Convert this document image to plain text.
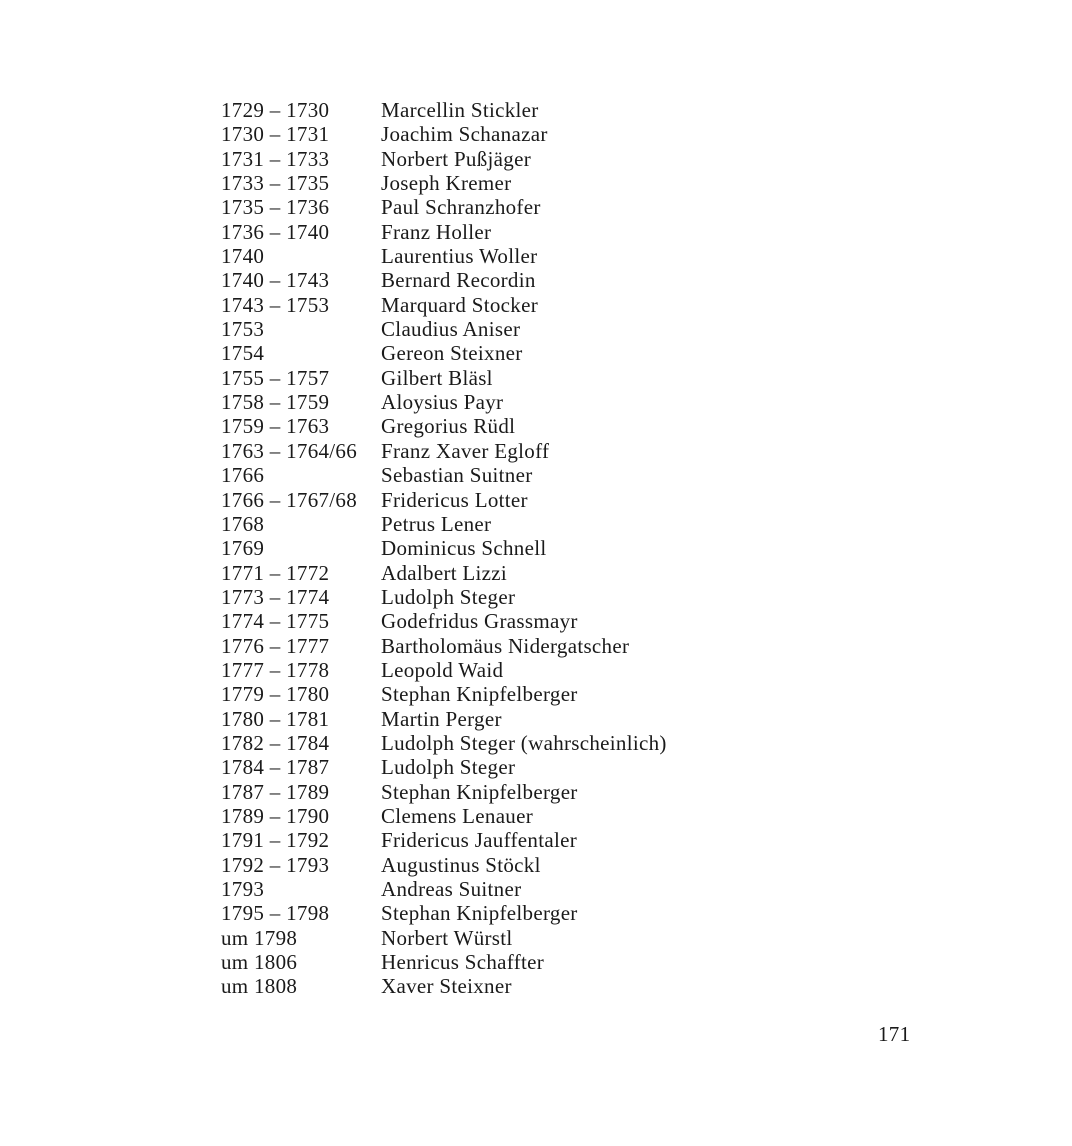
1729 – 1730	Marcellin Stickler
1730 – 1731	Joachim Schanazar
1731 – 1733	Norbert Pußjäger
1733 – 1735	Joseph Kremer
1735 – 1736	Paul Schranzhofer
1736 – 1740	Franz Holler
1740	Laurentius Woller
1740 – 1743	Bernard Recordin
1743 – 1753	Marquard Stocker
1753	Claudius Aniser
1754	Gereon Steixner
1755 – 1757	Gilbert Bläsl
1758 – 1759	Aloysius Payr
1759 – 1763	Gregorius Rüdl
1763 – 1764/66	Franz Xaver Egloff
1766	Sebastian Suitner
1766 – 1767/68	Fridericus Lotter
1768	Petrus Lener
1769	Dominicus Schnell
1771 – 1772	Adalbert Lizzi
1773 – 1774	Ludolph Steger
1774 – 1775	Godefridus Grassmayr
1776 – 1777	Bartholomäus Nidergatscher
1777 – 1778	Leopold Waid
1779 – 1780	Stephan Knipfelberger
1780 – 1781	Martin Perger
1782 – 1784	Ludolph Steger (wahrscheinlich)
1784 – 1787	Ludolph Steger
1787 – 1789	Stephan Knipfelberger
1789 – 1790	Clemens Lenauer
1791 – 1792	Fridericus Jauffentaler
1792 – 1793	Augustinus Stöckl
1793	Andreas Suitner
1795 – 1798	Stephan Knipfelberger
um 1798	Norbert Würstl
um 1806	Henricus Schaffter
um 1808	Xaver Steixner
171
